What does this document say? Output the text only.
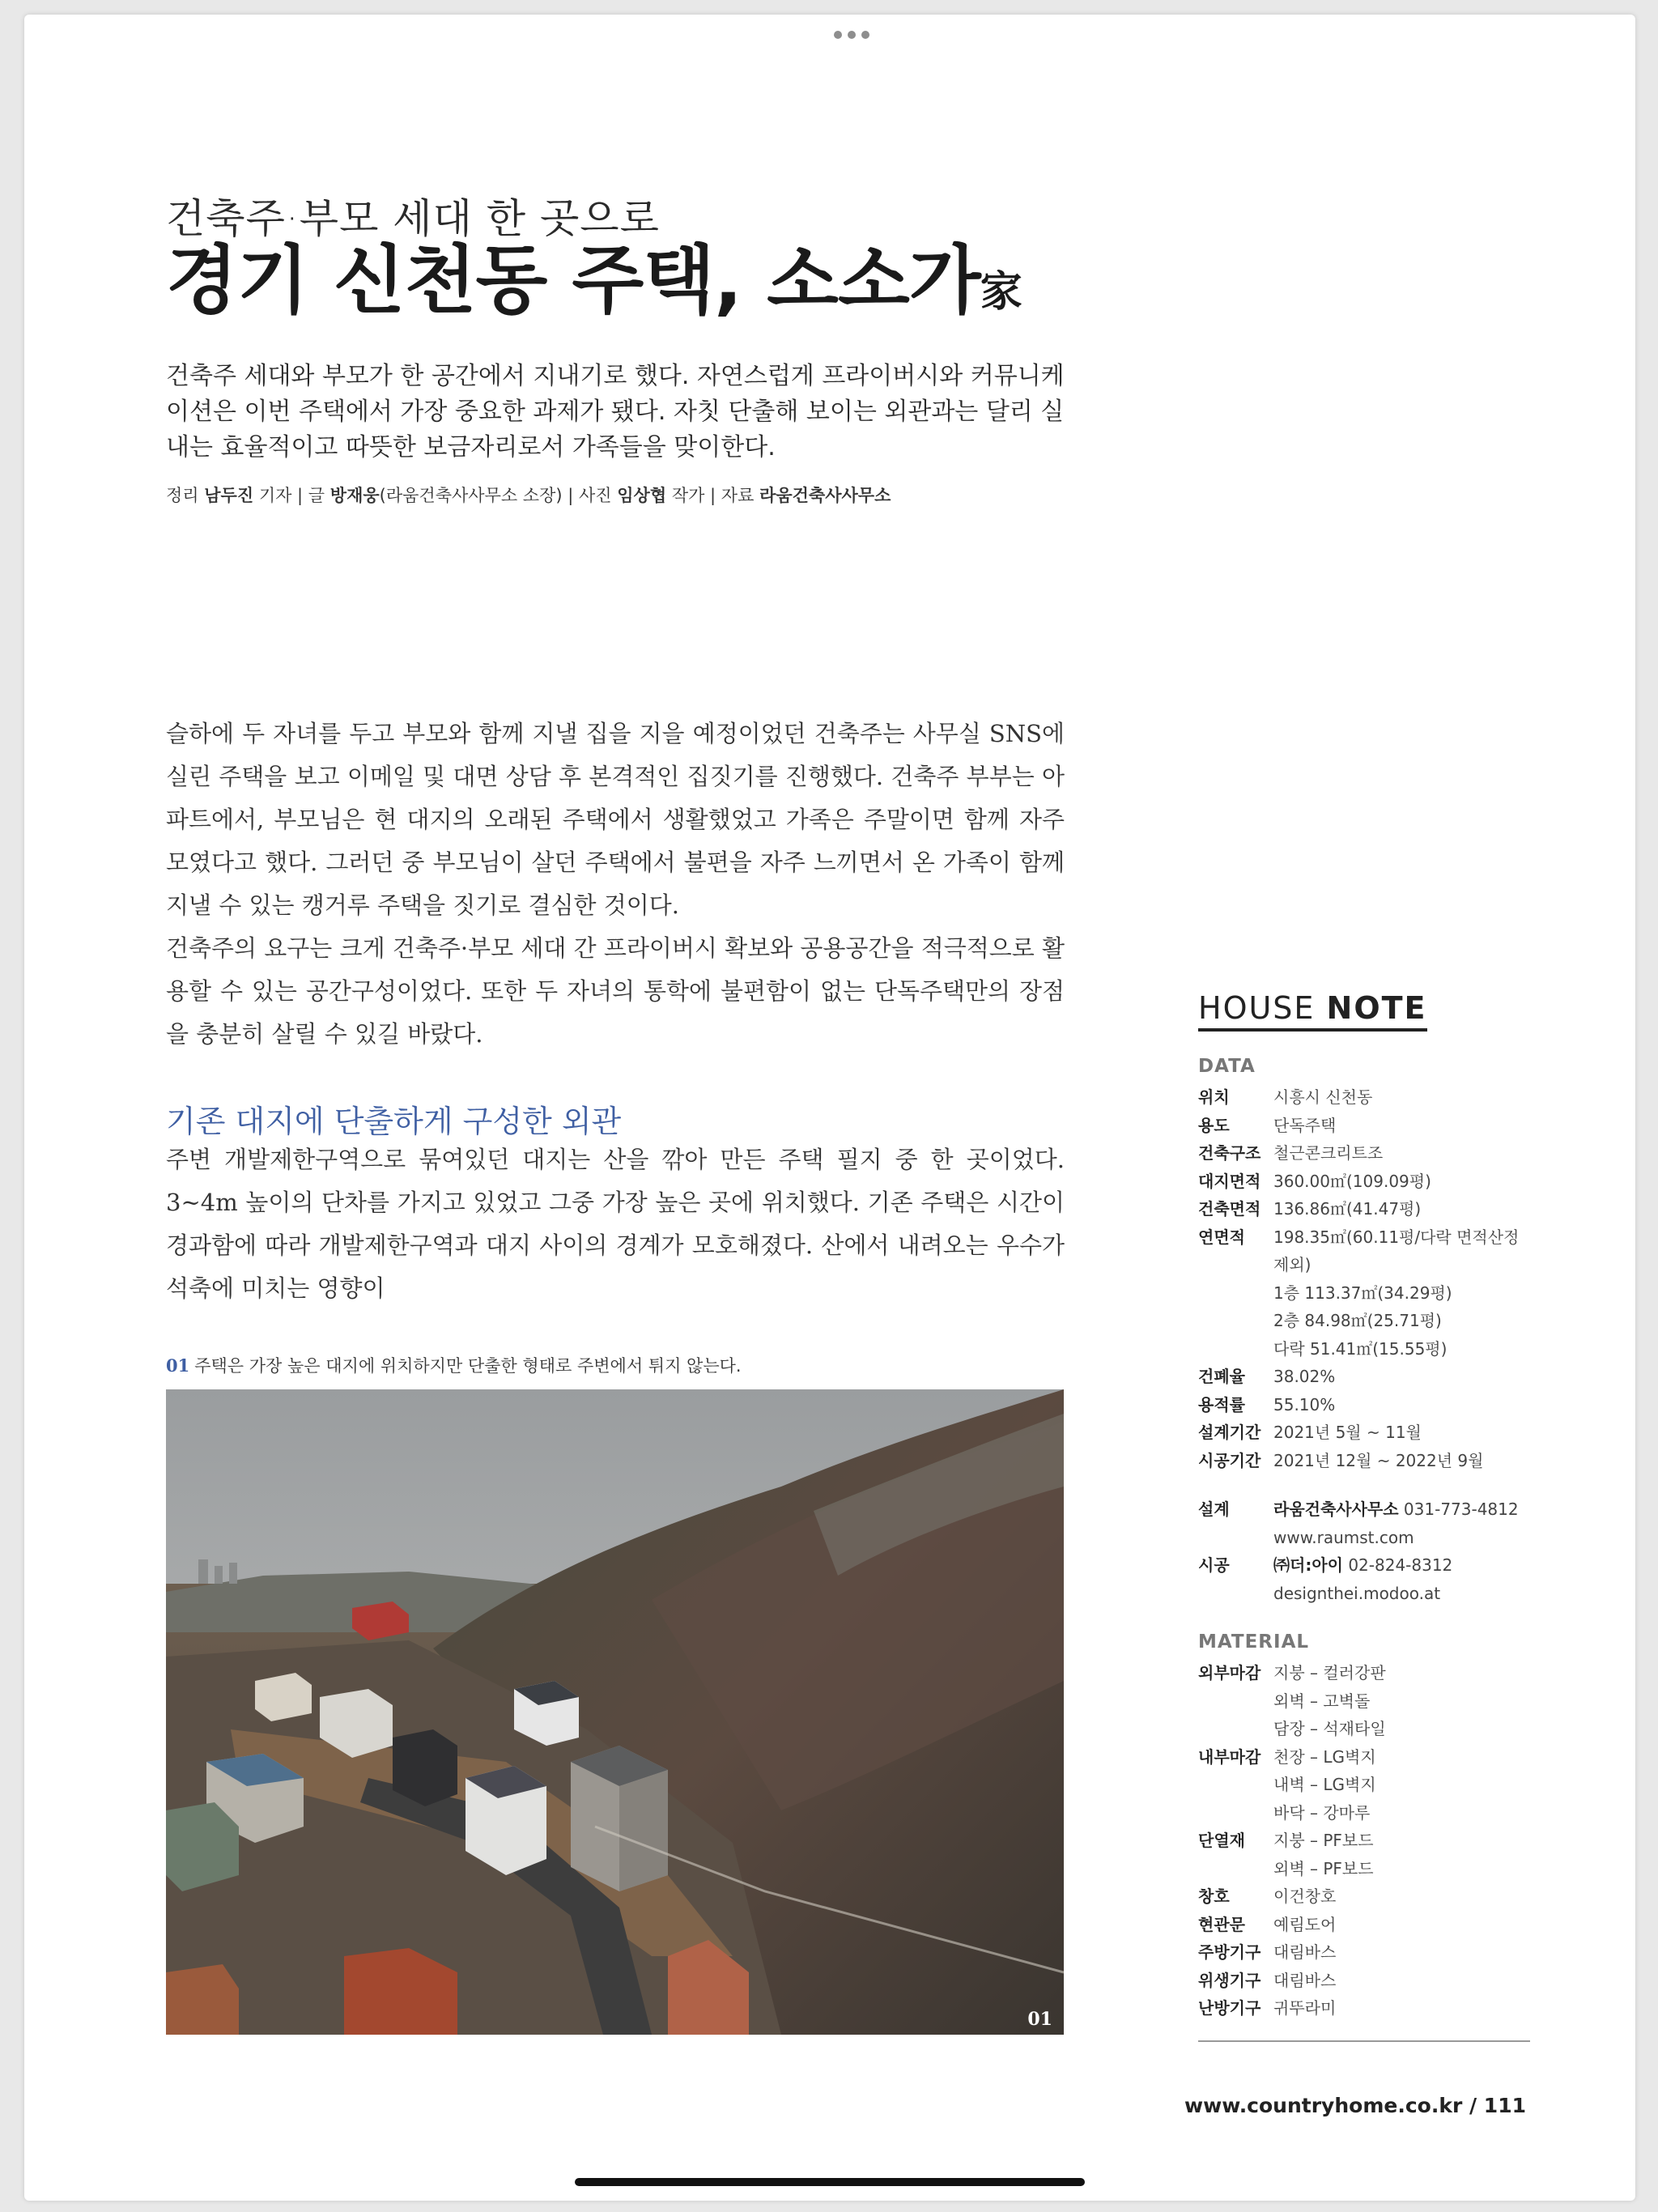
건축주·부모 세대 한 곳으로
경기 신천동 주택, 소소가家
건축주 세대와 부모가 한 공간에서 지내기로 했다. 자연스럽게 프라이버시와 커뮤니케이션은 이번 주택에서 가장 중요한 과제가 됐다. 자칫 단출해 보이는 외관과는 달리 실내는 효율적이고 따뜻한 보금자리로서 가족들을 맞이한다.
정리 남두진 기자 | 글 방재웅(라움건축사사무소 소장) | 사진 임상협 작가 | 자료 라움건축사사무소
슬하에 두 자녀를 두고 부모와 함께 지낼 집을 지을 예정이었던 건축주는 사무실 SNS에 실린 주택을 보고 이메일 및 대면 상담 후 본격적인 집짓기를 진행했다. 건축주 부부는 아파트에서, 부모님은 현 대지의 오래된 주택에서 생활했었고 가족은 주말이면 함께 자주 모였다고 했다. 그러던 중 부모님이 살던 주택에서 불편을 자주 느끼면서 온 가족이 함께 지낼 수 있는 캥거루 주택을 짓기로 결심한 것이다.
건축주의 요구는 크게 건축주·부모 세대 간 프라이버시 확보와 공용공간을 적극적으로 활용할 수 있는 공간구성이었다. 또한 두 자녀의 통학에 불편함이 없는 단독주택만의 장점을 충분히 살릴 수 있길 바랐다.
기존 대지에 단출하게 구성한 외관
주변 개발제한구역으로 묶여있던 대지는 산을 깎아 만든 주택 필지 중 한 곳이었다. 3~4m 높이의 단차를 가지고 있었고 그중 가장 높은 곳에 위치했다. 기존 주택은 시간이 경과함에 따라 개발제한구역과 대지 사이의 경계가 모호해졌다. 산에서 내려오는 우수가 석축에 미치는 영향이
01 주택은 가장 높은 대지에 위치하지만 단출한 형태로 주변에서 튀지 않는다.
01
HOUSE NOTE
DATA
위치	시흥시 신천동
용도	단독주택
건축구조 철근콘크리트조
대지면적 360.00㎡(109.09평)
건축면적 136.86㎡(41.47평)
연면적	198.35㎡(60.11평/다락 면적산정 제외)
1층 113.37㎡(34.29평)
2층 84.98㎡(25.71평)
다락 51.41㎡(15.55평)
건폐율	38.02%
용적률	55.10%
설계기간 2021년 5월 ~ 11월
시공기간 2021년 12월 ~ 2022년 9월
설계	라움건축사사무소 031-773-4812
www.raumst.com
시공	㈜더:아이 02-824-8312
designthei.modoo.at
MATERIAL
외부마감 지붕 – 컬러강판
외벽 – 고벽돌
담장 – 석재타일
내부마감 천장 – LG벽지
내벽 – LG벽지
바닥 – 강마루
단열재	지붕 – PF보드
외벽 – PF보드
창호	이건창호
현관문	예림도어
주방기구 대림바스
위생기구 대림바스
난방기구 귀뚜라미
www.countryhome.co.kr / 111
